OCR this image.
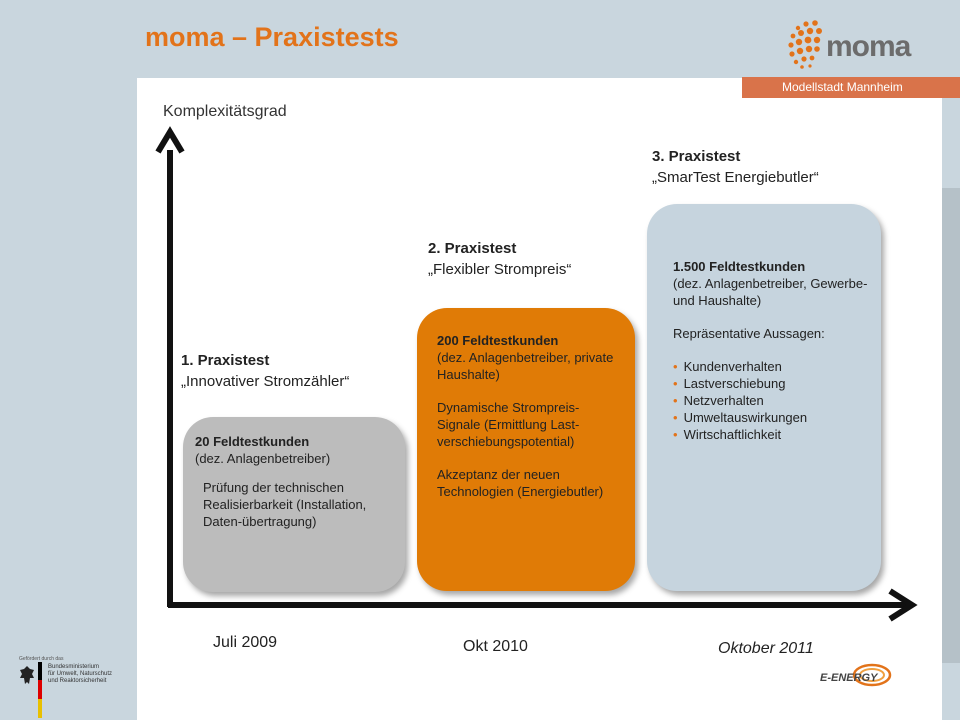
moma – Praxistests	moma
Modellstadt Mannheim
Komplexitätsgrad
1. Praxistest
„Innovativer Stromzähler“

20 Feldtestkunden

(dez. Anlagenbetreiber)

Prüfung der technischen Realisierbarkeit (Installation, Daten-übertragung)

Juli 2009
2. Praxistest
„Flexibler Strompreis“

200 Feldtestkunden

(dez. Anlagenbetreiber, private Haushalte)

Dynamische Strompreis-Signale (Ermittlung Last-verschiebungspotential)

Akzeptanz der neuen Technologien (Energiebutler)

Okt 2010
3. Praxistest
„SmarTest Energiebutler“

1.500 Feldtestkunden

(dez. Anlagenbetreiber, Gewerbe- und Haushalte)

Repräsentative Aussagen:

• Kundenverhalten
• Lastverschiebung
• Netzverhalten
• Umweltauswirkungen
• Wirtschaftlichkeit
Oktober 2011
Gefördert durch das
Bundesministerium
für Umwelt, Naturschutz
und Reaktorsicherheit	E-ENERGY
